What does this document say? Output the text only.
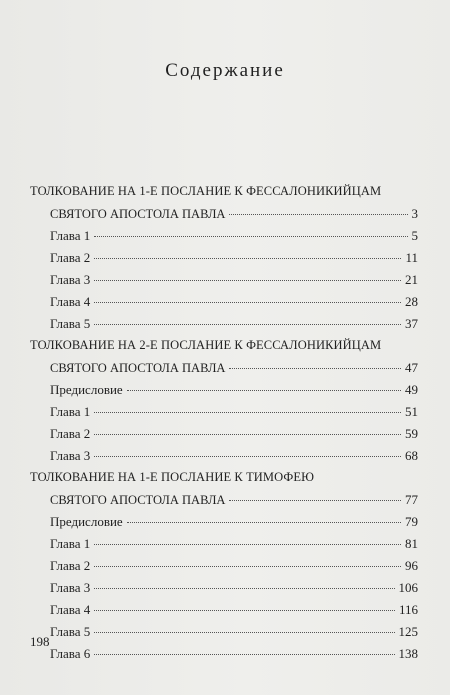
Содержание
ТОЛКОВАНИЕ НА 1-Е ПОСЛАНИЕ К ФЕССАЛОНИКИЙЦАМ
СВЯТОГО АПОСТОЛА ПАВЛА	3
Глава 1	5
Глава 2	11
Глава 3	21
Глава 4	28
Глава 5	37
ТОЛКОВАНИЕ НА 2-Е ПОСЛАНИЕ К ФЕССАЛОНИКИЙЦАМ
СВЯТОГО АПОСТОЛА ПАВЛА	47
Предисловие	49
Глава 1	51
Глава 2	59
Глава 3	68
ТОЛКОВАНИЕ НА 1-Е ПОСЛАНИЕ К ТИМОФЕЮ
СВЯТОГО АПОСТОЛА ПАВЛА	77
Предисловие	79
Глава 1	81
Глава 2	96
Глава 3	106
Глава 4	116
Глава 5	125
Глава 6	138
198
